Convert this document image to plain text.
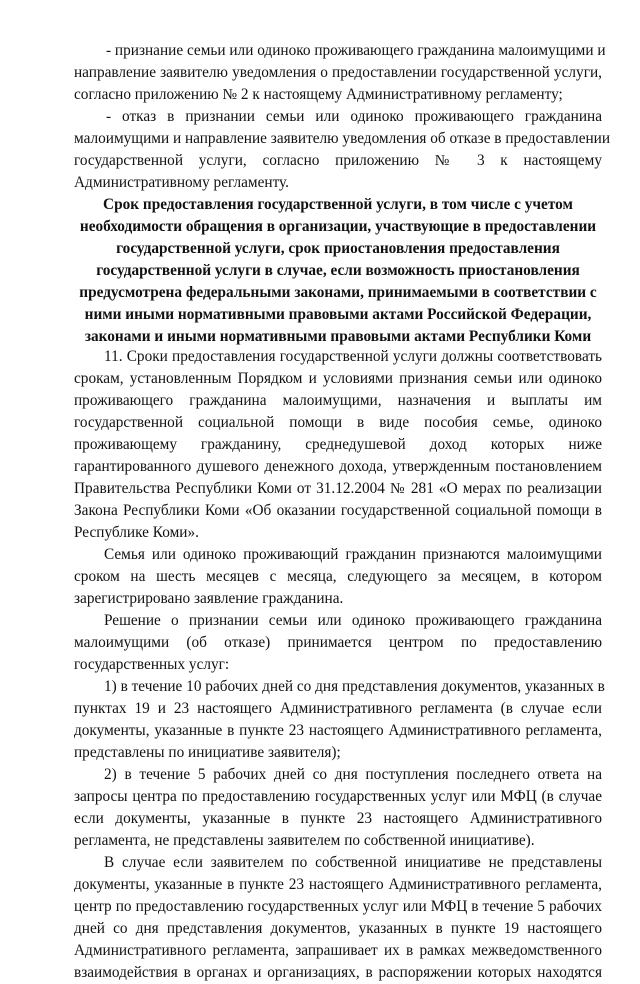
- признание семьи или одиноко проживающего гражданина малоимущими и
направление заявителю уведомления о предоставлении государственной услуги,
согласно приложению № 2 к настоящему Административному регламенту;
- отказ в признании семьи или одиноко проживающего гражданина
малоимущими и направление заявителю уведомления об отказе в предоставлении
государственной услуги, согласно приложению № 3 к настоящему
Административному регламенту.
Срок предоставления государственной услуги, в том числе с учетом
необходимости обращения в организации, участвующие в предоставлении
государственной услуги, срок приостановления предоставления
государственной услуги в случае, если возможность приостановления
предусмотрена федеральными законами, принимаемыми в соответствии с
ними иными нормативными правовыми актами Российской Федерации,
законами и иными нормативными правовыми актами Республики Коми
11. Сроки предоставления государственной услуги должны соответствовать
срокам, установленным Порядком и условиями признания семьи или одиноко
проживающего гражданина малоимущими, назначения и выплаты им
государственной социальной помощи в виде пособия семье, одиноко
проживающему гражданину, среднедушевой доход которых ниже
гарантированного душевого денежного дохода, утвержденным постановлением
Правительства Республики Коми от 31.12.2004 № 281 «О мерах по реализации
Закона Республики Коми «Об оказании государственной социальной помощи в
Республике Коми».
Семья или одиноко проживающий гражданин признаются малоимущими
сроком на шесть месяцев с месяца, следующего за месяцем, в котором
зарегистрировано заявление гражданина.
Решение о признании семьи или одиноко проживающего гражданина
малоимущими (об отказе) принимается центром по предоставлению
государственных услуг:
1) в течение 10 рабочих дней со дня представления документов, указанных в
пунктах 19 и 23 настоящего Административного регламента (в случае если
документы, указанные в пункте 23 настоящего Административного регламента,
представлены по инициативе заявителя);
2) в течение 5 рабочих дней со дня поступления последнего ответа на
запросы центра по предоставлению государственных услуг или МФЦ (в случае
если документы, указанные в пункте 23 настоящего Административного
регламента, не представлены заявителем по собственной инициативе).
В случае если заявителем по собственной инициативе не представлены
документы, указанные в пункте 23 настоящего Административного регламента,
центр по предоставлению государственных услуг или МФЦ в течение 5 рабочих
дней со дня представления документов, указанных в пункте 19 настоящего
Административного регламента, запрашивает их в рамках межведомственного
взаимодействия в органах и организациях, в распоряжении которых находятся
